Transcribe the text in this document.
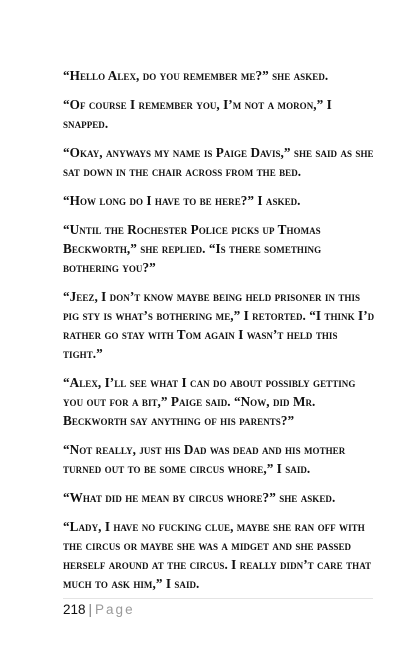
“Hello Alex, do you remember me?” she asked.

“Of course I remember you, I’m not a moron,” I snapped.

“Okay, anyways my name is Paige Davis,” she said as she sat down in the chair across from the bed.

“How long do I have to be here?” I asked.

“Until the Rochester Police picks up Thomas Beckworth,” she replied. “Is there something bothering you?”

“Jeez, I don’t know maybe being held prisoner in this pig sty is what’s bothering me,” I retorted. “I think I’d rather go stay with Tom again I wasn’t held this tight.”

“Alex, I’ll see what I can do about possibly getting you out for a bit,” Paige said. “Now, did Mr. Beckworth say anything of his parents?”

“Not really, just his Dad was dead and his mother turned out to be some circus whore,” I said.

“What did he mean by circus whore?” she asked.

“Lady, I have no fucking clue, maybe she ran off with the circus or maybe she was a midget and she passed herself around at the circus. I really didn’t care that much to ask him,” I said.

218 | Page
